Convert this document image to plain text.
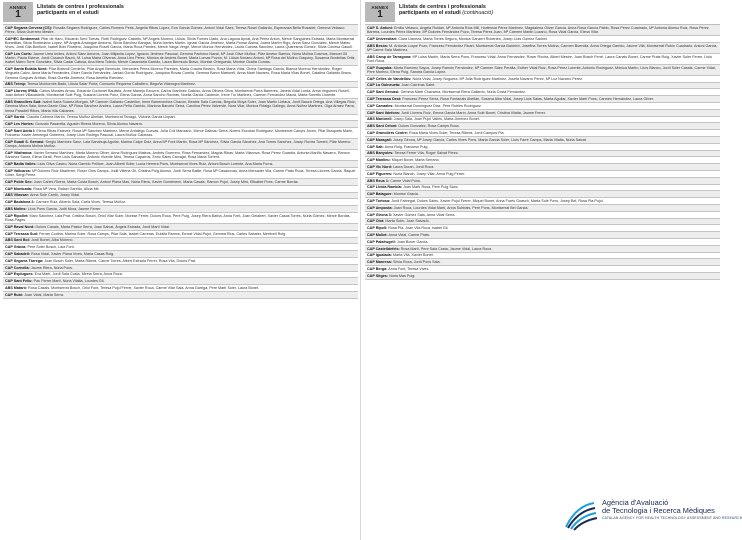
ANNEX
1
Llistats de centres i professionals
participants en el estudi
CAP Segarra Cervera (CS): Rosalia Segarra Rodriguez, Carles Romero Peris, Angelia Ribas López, Eva Garcia Gómez, Antoni Vidal Sáez, Teresa Rosel Gallardo, Esperanza Bella Rosadel, Gemma Velasco Pérez, Silvia Guerrero Mestre.
CAP/EC Sentmenat: Pilar de Haro, Eduardo Seró Tomás, Ruth Rodriguez Castells, Mª Angels Moreno, Llüsia, Silvia Fornes Lladó, Ana Laguna Aynat, Ana Pérez Anton, Mercè Sanguinés Estrada, Maria Montserrat Bonetillas, Silvia Robledano López, Mª Angels Amangué Andorra, Silvia Sánchez Barajas, Núria Ibertes Martín, Ignasi Garcia Jiménez, Marta Pomar Alsina, Joana Martín Rigo, Anna Sanz Gonzàlez, Mercè Mateu Vives, Jordi Gila Bonfoch, Isabel Boix Riustero, Joaquina Rosell García, Maria Roca Pamies, Mercè Varga Verge, Mercè Munoz Hernández, Laura Cuevas Sánchez, Laura Quaresma Gòmez, Silvia Conesa Gasull.
CAP Les Corts: Jaume Uréa Ientes, Antoni Sáez Amorós, Joan Mitjavila López, Ignacio Jiménez Pascual, Gemma Pacheco Naval, Mª José Olivé Muñoz, Pilar Ameiur Barrios, Núria Molina Cosmos, Manuel Gil Martín, Paula Esteve, Jordi Cusarch Baurò, M. Luisa Maria Oliveras, Anna Lleó Pérez, Mónica de Andrés Bonet, Maria Lomas Pozón, M. Llüsia Soriano Antoni, Mª Rosa del Molino Ciaquiny, Susanna Bordellas Ortiz, Isabel Marro Torre Gonzàlez, Silvia Cadar Catosa, Ana Mera Toledo, Mercè Casamaria Garrido, Laura Bermudo Bravo, Montse Ortegueda, Montse Ocaña Comas.
CAP Santa Eulàlia Nord: Pilar Bofarull Cerdeña, Pilar Angel Bermude, Mercedes Pérez-Moreno Paredes, Maria Cuadra Belaón, Rosa Maria Vilas, Gloria Santiago Garcia, Blanca Moreno Hernández, Roger Vinguela Calvo, Anna María Fernández, Ester Garcia Fernández, Janiad Gordo Rodríguez, Joaquina Rovas Corella, Gemma Barco Martorell, Anna Martí Navarro, Rosa Maria Vilas Bonet, Catalina Gallardo Bravo, Gemma Gorgues Arribas, Rosa Gorella Jiménez, Rosa Ametlla Ramírez.
ABS Tremp: Teresa Montornés Badó, Llüsia Salar Porta, Consuelo Requena Caballero, Begoña Vilarrogra Martínez.
CAP Llorenç IFMA: Carlos Morales Arnau, Eduardo Cordonet Bautista, Anne Manejo Ezcurra, Carlos Martínez Galloso, Anna Olivera Oliva, Montserrat Parra Barreres, Janeia Vidal Lorda, Anna Vegueres Rosell, Joan Antoni Villacastells, Montserrat Solé Puig, Susana Llorens Ponz, Elena Garcia, Anna Sancho Roviras, Noelia Garcia Calderón, Irene Tur Martinez, Carmen Fernandez Maciá, Marta Sorrells Llorente.
ABS Granollers Sud: Isabel Ilaria Suárez-Morgan, Mª Carmen Gallardo Castellón, Irene Barrenechea Chacón, Beatriz Sala Cuevas, Begoña Moyà Soler, Joan Martín Lletaus, Jordi Bauzá Ortega, Ana Villegas Ruiz, Gemma Mora Sala, Anna Gazón Diaz, Mª Rosa Sánchez Andreu, Laura Peña Garrido, Mariona Barceló Serra, Carolina Pérez Valverde, Nora Vilar, Monica Fidalgo Gallego, Anna Nuñez Martinez, Olga Arraez Parra, Imma Paradell Ribes, Marta Vilà Cabanes.
CAP Sarrià: Claudia Cabrera Martín, Teresa Muñoz Abellán, Montserrat Tarragó, Victoria Garcia Llopart.
CAP Les Hortes: Gonzalo Pasarella, Agustín Rivera Moreno, Sílvia Alonso Navarro.
CAP Sant Adrià I: Elena Ribas Estevez, Rosa Mª Sánchez Martinez, Mercè Anfalego Cuevas, Julia Coll Manzano, Mercè Dalmau Serra, Noemí Escobar Rodriguez, Montserrat Camps Joven, Pilar Busquets Marin, Francesc Xavier Armengol Gutiérrez, Josep Lluis Rodrigo Pascual, Laura Muñoz Cabezas.
CAP Guadi S. Gervasi: Sergio Martínez Sanz, Laia Sanahuja Aguilar, Marina Calpe Dolz, Anna Mª Font Martin, Rosa Mª Sánchez, Sílvia Garcia Sánchez, Ana Torres Sanchez, Josep Rovira Torrent, Pilar Moreno Camps, Antonia Molina Muñoz.
CAP Vilafranca: Xavier Serrano Martínez, Marta Moreno Oliver, Anna Rodríguez Mateos, Andrés Guerrero, Rosa Fernandez, Magda Ribas, Marta Vilanova, Rosa Perez Guardia, Antonia Mariño Navarro, Ramon Sánchez Saura, Elena Giralt, Pere Lluis Salvador, Antonio Vicente Miró, Teresa Caparrós, Enric Sales Carvajal, Rosa Maria Torrent.
CAP Badia Vallès: Lluis Oliva Castro, Núria Garrido Pellicer, Joan Alberti Soler, Lucia Herrera Pons, Montserrat Vives Ruiz, Antoni Bosch Lorente, Ana Maria Forns.
CAP Vallcarca: Mª Dolores Ruiz Masferrer, Roser Oms Camps, Judit Villena Gil, Cristina Puig Alonso, Jordi Serra Batlle, Rosa Mª Casanovas, Anna Mercader Vila, Carme Prats Roca, Teresa Llorens Garcia, Raquel Giner, Sergi Pérez.
CAP Poble Sec: Joan Carles Rivera, Marta Costa Bosch, Antoni Plana Mas, Núria Riera, Xavier Domènech, Maria Casals, Ramon Pujol, Josep Miró, Elisabet Pons, Carme Borràs.
CAP Montcada: Rosa Mª Vera, Rafael Garrido, Alicia Mir.
ABS Vilassar: Anna Solé Cantó, Josep Vidal.
CAP Badalona 2: Carmen Ruiz, Alberto Sala, Carla Vives, Teresa Muñoz.
ABS Molins: Lluís Pons Garcia, Judit Mora, Jaume Ferrer.
CAP Ripollet: Marc Sánchez, Laia Prat, Cristina Bosch, Oriol Vilar Soler, Montse Ferrer, Dolors Roca, Pere Puig, Josep Riera Barba, Anna Font, Joan Gelabert, Xavier Casas Torres, Núria Gómez, Mercè Bordas, Rosa Pagès.
CAP Raval Nord: Dolors Canals, Marta Pastor Serra, Joan Salvat, Àngels Estrada, Jordi Martí Vidal.
CAP Terrassa Sud: Ferran Codina, Marina Soler, Rosa Camps, Pilar Sala, Isabel Carreras, Eulàlia Ramos, Ernest Vidal Pujol, Gemma Rius, Carles Sabater, Meritxell Roig.
ABS Sant Boi: Jordi Bonet, Alba Moreno.
CAP Gràcia: Pere Soler Bosch, Laia Font.
CAP Sabadell: Rosa Vidal, Xavier Plana Vives, Maria Casas Roig.
CAP Segarra Tàrrega: Joan Bosch Soler, Marta Ribera, Carme Torres, Albert Estrada Ferrer, Rosa Vila, Dolors Prat.
CAP Cornellà: Jaume Riera, Núria Pons.
CAP Esplugues: Eva Martí, Jordi Sala Costa, Mireia Serra, Anna Roca.
CAP Sant Feliu: Pau Ferrer Martí, Núria Vilalta, Lourdes Gil.
ABS Mataró: Rosa Casals, Montserrat Bosch, Oriol Font, Teresa Pujol Ferrer, Xavier Roca, Carme Vilar Sala, Anna Garriga, Pere Martí Soler, Laura Bonet.
CAP Rubí: Joan Vidal, Marta Serra.
ANNEX
1
Llistats de centres i professionals
participants en el estudi (continuació)
CAP S. Antoni: Emilia Velasco, Angela Roldan, Mª Antonia Ríos Mill, Hortènsia Pérez Martínez, Magdalena Oliver García, Anna Rosa García Pablo, Rosa Pérez Cuadrado, Mª Antonia Alonso Ruiz, Rosa Pérez Barrera, Lourdes Pérez Martinez, Mª Dolores Fernández Pozo, Teresa Pérez Juan, Mª Carmen Martin Lozano, Rosa Vidal Garcia, Elena Vilar.
CAP Universitari: Clara Llaneza, Marta Torres Segura, Mónica Ganzert Robertes, Josep Lluis Gómez Sadoni.
ABS Besòs: M. Antonia Luque Pozo, Francesc Fernández Ricart, Montserrat Garcia Baldrich, Josefina Torres Molina, Carmen Buendia, Anna Ortega Garrido, Jaume Vilà, Montserrat Rubio Cuadrado, Antoni Garcia, Mª Carme Sala Martínez.
ABS Camp de Tarragona: Mª Luisa Martín, Marta Serra Pons, Francesc Vidal, Anna Fernández, Roser Rovira, Albert Mestre, Joan Bosch Ferré, Laura Canals Bonet, Carme Prats Roig, Xavier Soler Ferrer, Lluís Font Roca.
CAP Guayaba: Marta Ramírez Sayos, Josep Ramón Fernández, Mª Carmen Sáez Peralta, Esther Vidal Ruiz, Rosa Pérez Lorente, Antonio Rodríguez, Mónica Martín, Lluís Blanco, Jordi Soler Casals, Carme Vidal, Pere Moreno, Elena Puig, Sandra Garcia Lopez.
CAP Celles de Vandellòs: Núria Vidal, Josep Noguera, Mª Julia Rodríguez Martínez, Josefa Navarro Pérez, Mª Luz Navarro Pérez.
CAP La Guineueta: Joan Carreras Sabé.
CAP Sant Gervasi: Gemma Martí Chavarría, Montserrat Riera Gallardo, Núria Costa Fernández.
CAP Terrassa Oest: Francesc Pérez Serra, Rosa Fontanals Abellán, Susana Alba Vidal, Josep Lluis Salas, Marta Aguilar, Xavier Martí Pons, Carmen Hernández, Laura Oliver.
CAP Camarles: Montserrat Domínguez Diaz, Pere Robles Rodríguez.
CAP Sant Ildefons: Jordi Llorens Ruiz, Emma Garcia Marín, Anna Solé Bonet, Cristina Vilalta, Jaume Ferrer.
ABS Martorell: Josep Sala, Joan Pujol Vallès, Marta Jiménez Bonet.
ABS Sant Celoni: Dolors Gonzalez, Rosa Camps Roca.
CAP Granollers Centre: Rosa Maria Vives Soler, Teresa Ribera, Jordi Campos Pla.
CAP Maragall: Josep Girona, Mª Josep Garcia, Carles Vives Pons, Marta Garcia Soler, Lluís Farré Camps, Maria Vilalta, Núria Salvat.
CAP Salt: Anna Roig, Francesc Puig.
ABS Banyoles: Teresa Ferrer Vila, Roger Salvat Pérez.
CAP Manlleu: Miquel Bover, Marta Serrano.
CAP Vic Nord: Laura Duran, Jordi Roca.
CAP Figueres: Nuria Blanch, Josep Vilar, Anna Puig Ferrer.
ABS Reus 1: Carme Vidal Pons.
CAP Lleida Rambla: Joan Martí Rosa, Pere Puig Sanz.
CAP Balaguer: Montse Gràcia.
CAP Tortosa: Jordi Fabregat, Dolors Sales, Xavier Pujol Ferrer, Miquel Bonet, Anna Forés Guasch, Marta Solé Pons, Josep Bel, Rosa Pla Pujol.
CAP Amposta: Joan Roca, Lourdes Vidal Martí, Anna Subirats, Pere Pons, Montserrat Bel Garcia.
CAP Girona 3: Xavier Gómez Sala, Anna Vidal Serra.
CAP Olot: Marta Soler, Joan Salvadó.
CAP Ripoll: Rosa Pla, Joan Vila Roca, Isabel Gil.
CAP Mollet: Anna Vidal, Carme Prats.
CAP Palafrugell: Joan Bover Garcia.
CAP Castelldefels: Rosa Martí, Pere Sala Costa, Jaume Vidal, Laura Roca.
CAP Igualada: Marta Vilà, Xavier Bonet.
CAP Manresa: Sílvia Roca, Jordi Pons Sala.
CAP Berga: Anna Font, Teresa Vives.
CAP Sitges: Núria Mas Puig.
Agència d'Avaluació
de Tecnologia i Recerca Mèdiques
CATALAN AGENCY FOR HEALTH TECHNOLOGY ASSESSMENT AND RESEARCH
